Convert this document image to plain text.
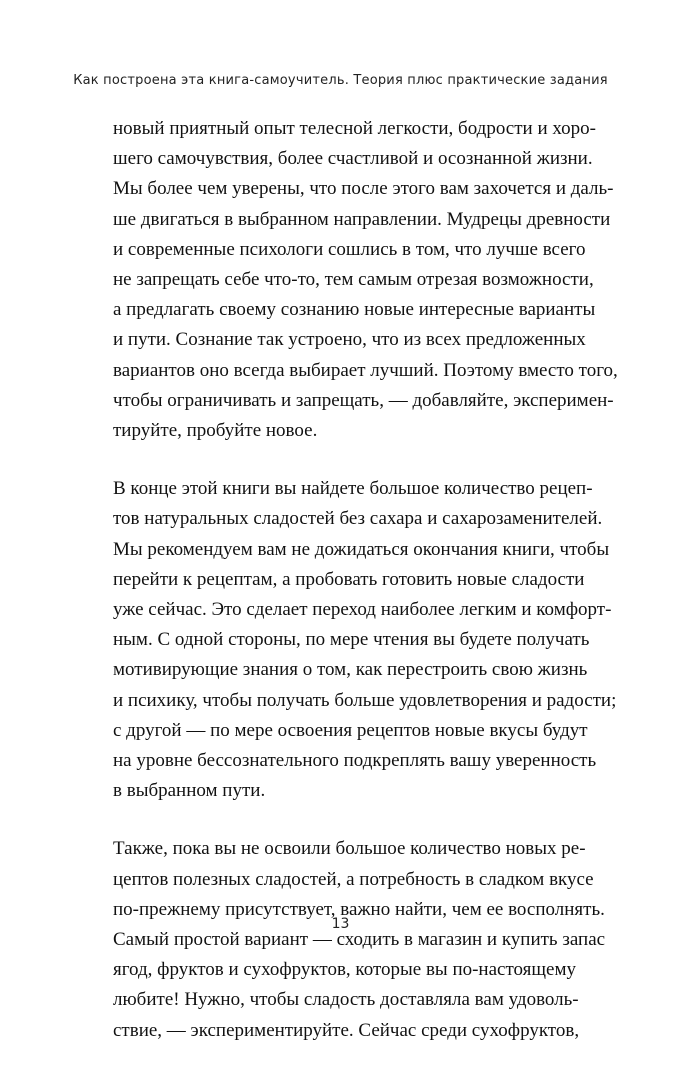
Как построена эта книга-самоучитель. Теория плюс практические задания
новый приятный опыт телесной легкости, бодрости и хоро-
шего самочувствия, более счастливой и осознанной жизни.
Мы более чем уверены, что после этого вам захочется и даль-
ше двигаться в выбранном направлении. Мудрецы древности
и современные психологи сошлись в том, что лучше всего
не запрещать себе что-то, тем самым отрезая возможности,
а предлагать своему сознанию новые интересные варианты
и пути. Сознание так устроено, что из всех предложенных
вариантов оно всегда выбирает лучший. Поэтому вместо того,
чтобы ограничивать и запрещать, — добавляйте, эксперимен-
тируйте, пробуйте новое.
В конце этой книги вы найдете большое количество рецеп-
тов натуральных сладостей без сахара и сахарозаменителей.
Мы рекомендуем вам не дожидаться окончания книги, чтобы
перейти к рецептам, а пробовать готовить новые сладости
уже сейчас. Это сделает переход наиболее легким и комфорт-
ным. С одной стороны, по мере чтения вы будете получать
мотивирующие знания о том, как перестроить свою жизнь
и психику, чтобы получать больше удовлетворения и радости;
с другой — по мере освоения рецептов новые вкусы будут
на уровне бессознательного подкреплять вашу уверенность
в выбранном пути.
Также, пока вы не освоили большое количество новых ре-
цептов полезных сладостей, а потребность в сладком вкусе
по-прежнему присутствует, важно найти, чем ее восполнять.
Самый простой вариант — сходить в магазин и купить запас
ягод, фруктов и сухофруктов, которые вы по-настоящему
любите! Нужно, чтобы сладость доставляла вам удоволь-
ствие, — экспериментируйте. Сейчас среди сухофруктов,
13
